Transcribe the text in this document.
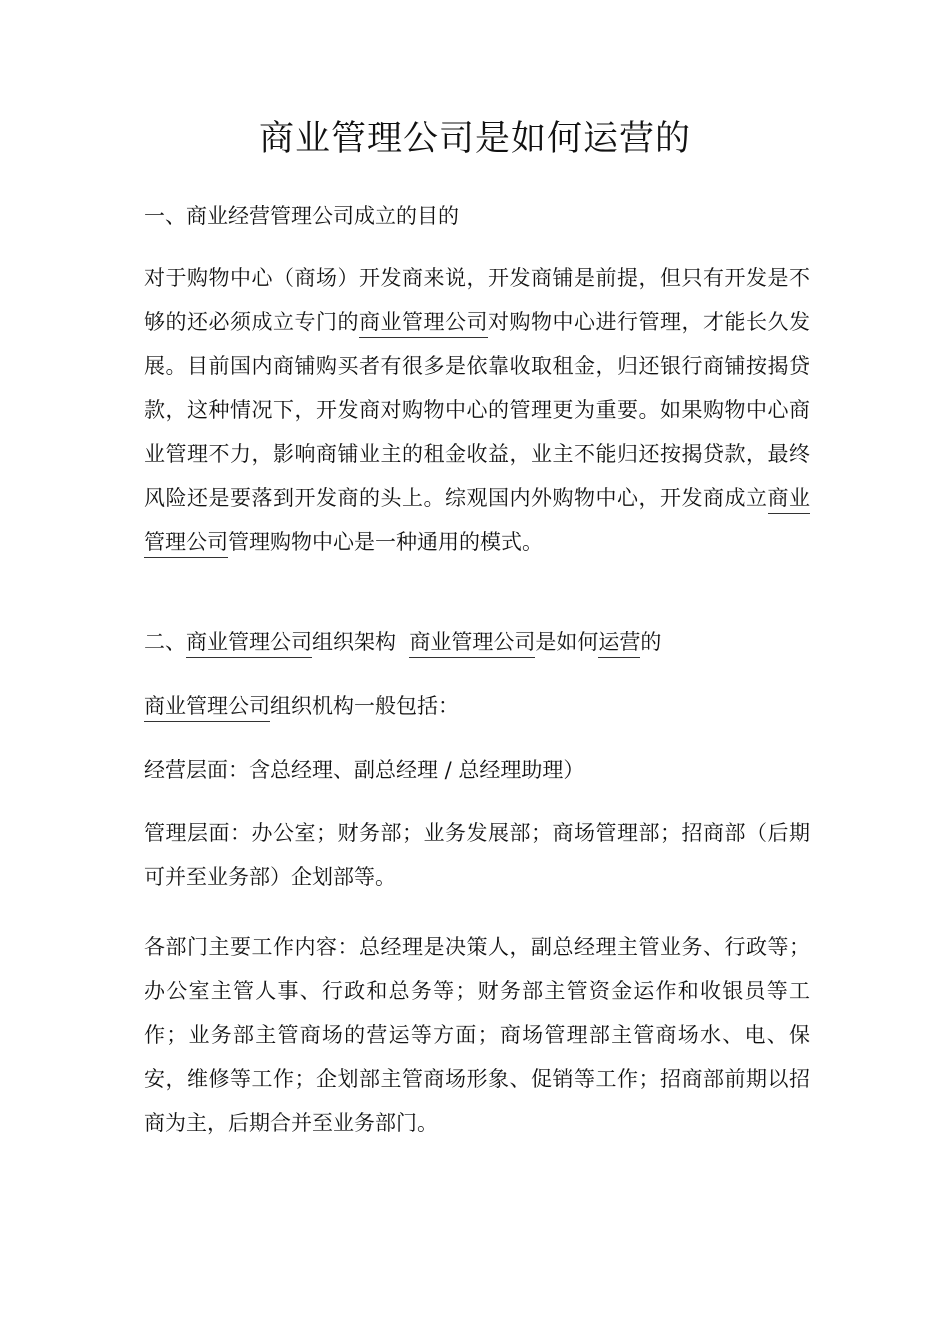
商业管理公司是如何运营的

一、商业经营管理公司成立的目的

对于购物中心（商场）开发商来说，开发商铺是前提，但只有开发是不够的还必须成立专门的商业管理公司对购物中心进行管理，才能长久发展。目前国内商铺购买者有很多是依靠收取租金，归还银行商铺按揭贷款，这种情况下，开发商对购物中心的管理更为重要。如果购物中心商业管理不力，影响商铺业主的租金收益，业主不能归还按揭贷款，最终风险还是要落到开发商的头上。综观国内外购物中心，开发商成立商业管理公司管理购物中心是一种通用的模式。

二、商业管理公司组织架构  商业管理公司是如何运营的

商业管理公司组织机构一般包括：

经营层面：含总经理、副总经理 / 总经理助理）

管理层面：办公室；财务部；业务发展部；商场管理部；招商部（后期可并至业务部）企划部等。

各部门主要工作内容：总经理是决策人，副总经理主管业务、行政等；办公室主管人事、行政和总务等；财务部主管资金运作和收银员等工作；业务部主管商场的营运等方面；商场管理部主管商场水、电、保安，维修等工作；企划部主管商场形象、促销等工作；招商部前期以招商为主，后期合并至业务部门。
